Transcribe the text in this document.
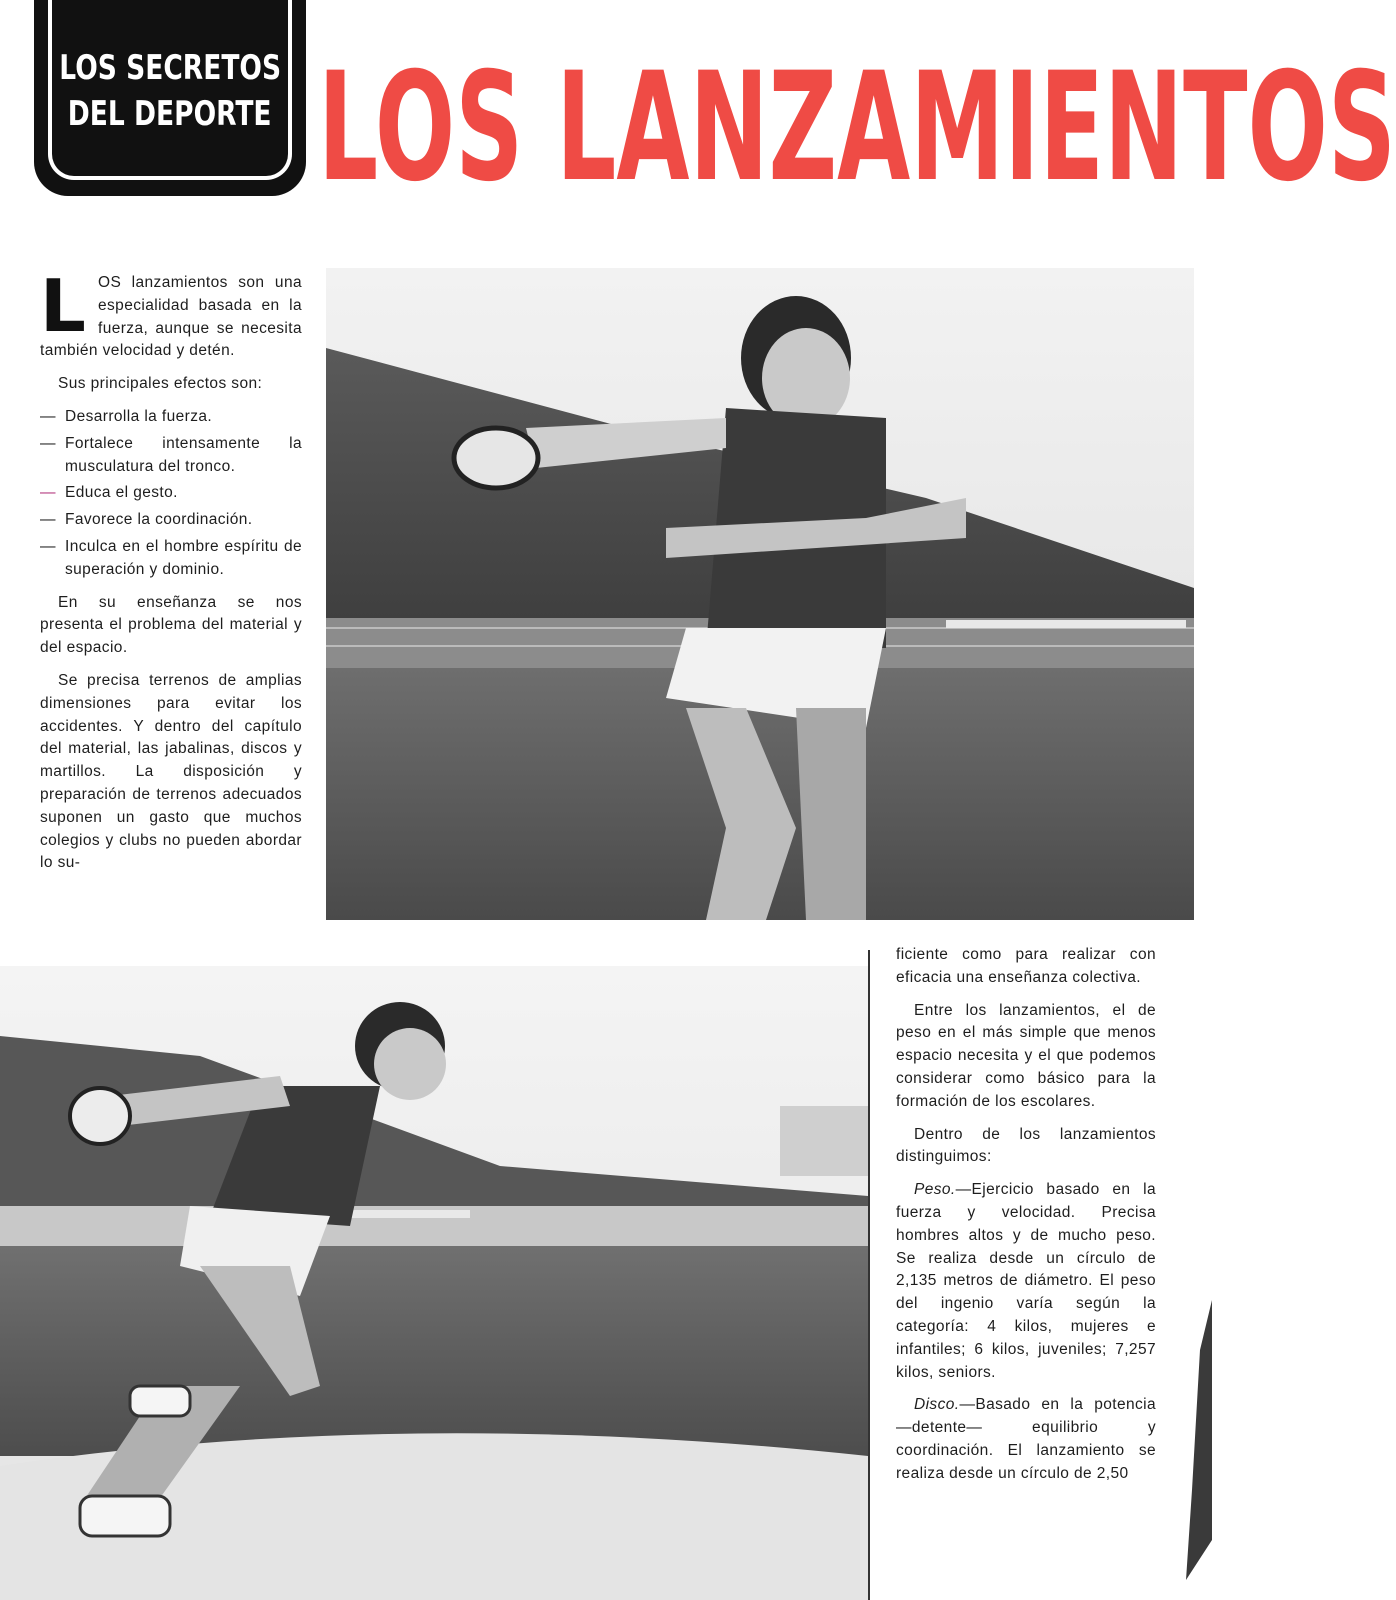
LOS SECRETOS
DEL DEPORTE LOS LANZAMIENTOS

LOS lanzamientos son una especialidad basada en la fuerza, aunque se necesita también velocidad y detén.

Sus principales efectos son:

— Desarrolla la fuerza.
— Fortalece intensamente la musculatura del tronco.
— Educa el gesto.
— Favorece la coordinación.
— Inculca en el hombre espíritu de superación y dominio.

En su enseñanza se nos presenta el problema del material y del espacio.

Se precisa terrenos de amplias dimensiones para evitar los accidentes. Y dentro del capítulo del material, las jabalinas, discos y martillos. La disposición y preparación de terrenos adecuados suponen un gasto que muchos colegios y clubs no pueden abordar lo su-

ficiente como para realizar con eficacia una enseñanza colectiva.

Entre los lanzamientos, el de peso en el más simple que menos espacio necesita y el que podemos considerar como básico para la formación de los escolares.

Dentro de los lanzamientos distinguimos:

Peso.—Ejercicio basado en la fuerza y velocidad. Precisa hombres altos y de mucho peso. Se realiza desde un círculo de 2,135 metros de diámetro. El peso del ingenio varía según la categoría: 4 kilos, mujeres e infantiles; 6 kilos, juveniles; 7,257 kilos, seniors.

Disco.—Basado en la potencia —detente— equilibrio y coordinación. El lanzamiento se realiza desde un círculo de 2,50
